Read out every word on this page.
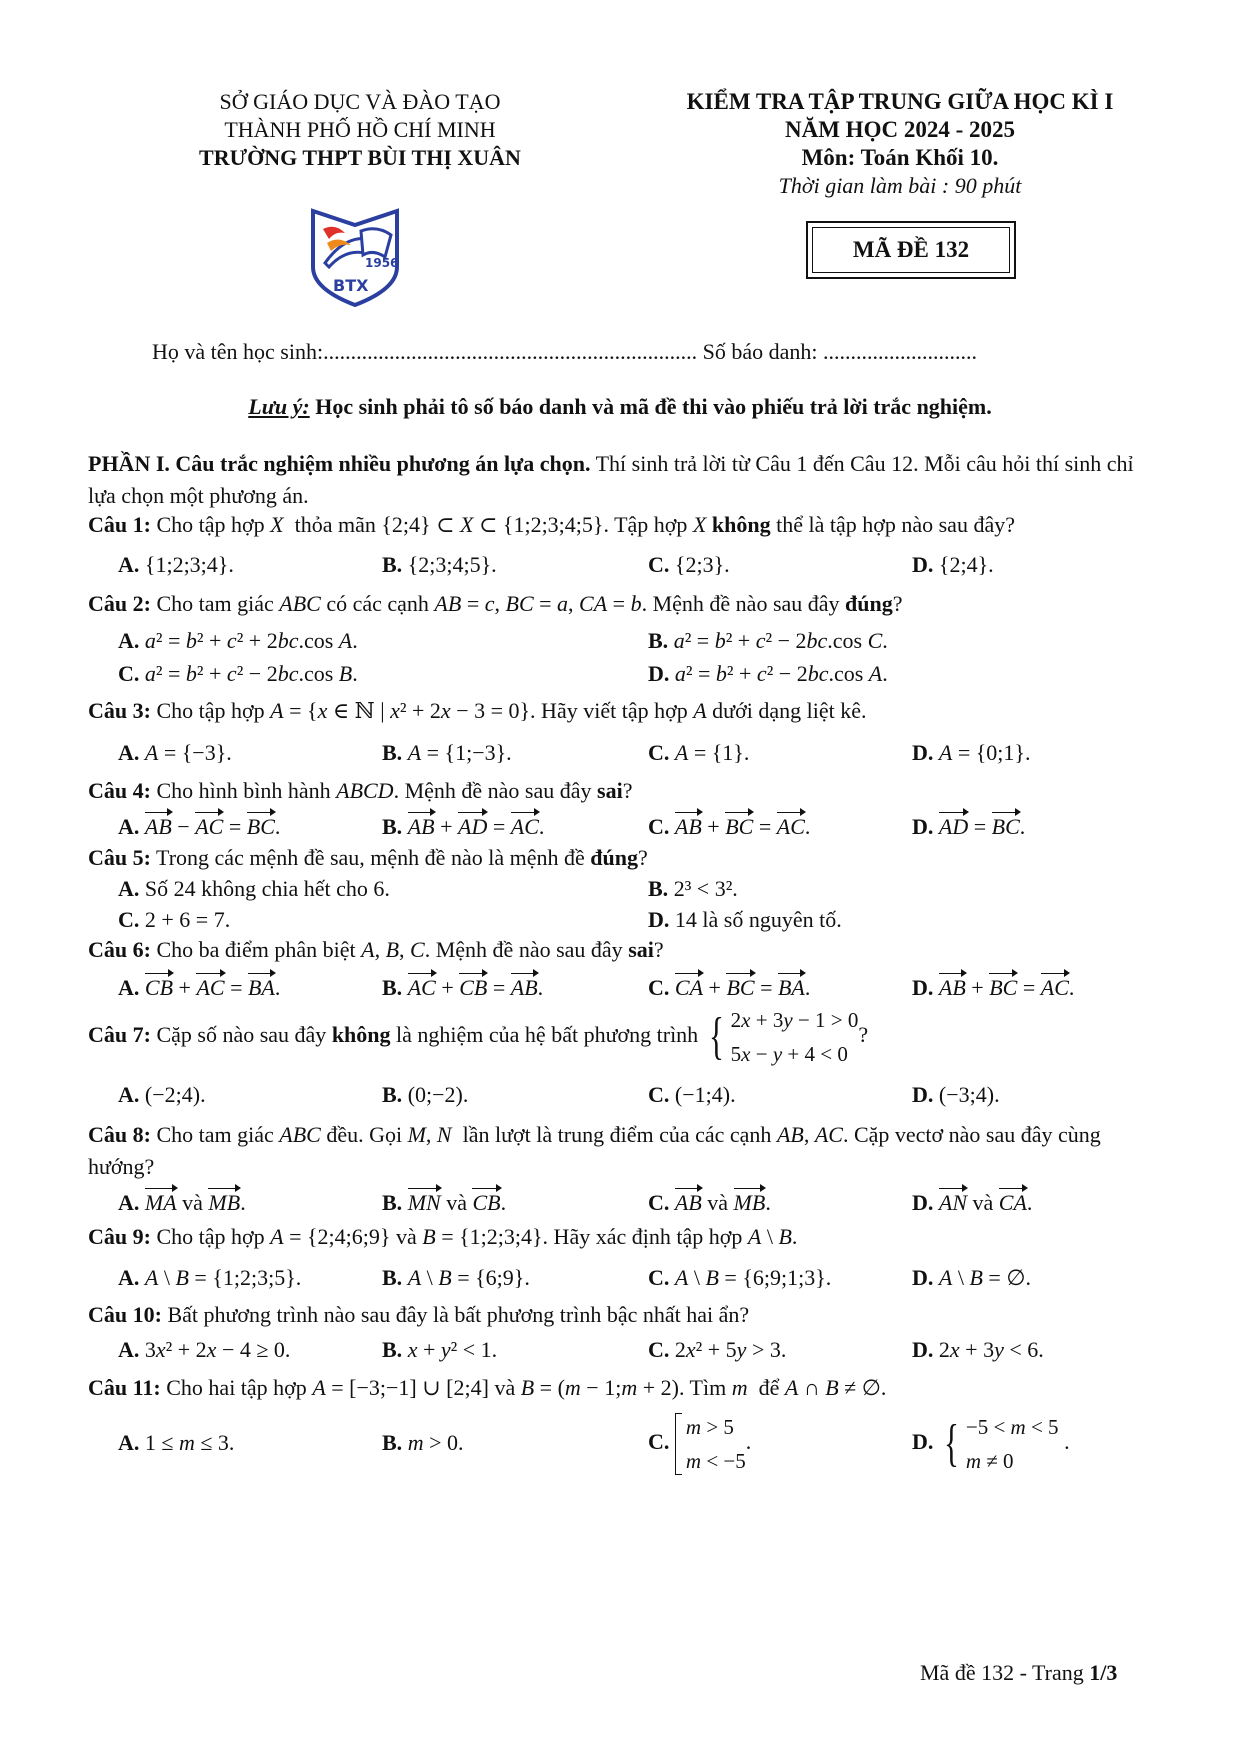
SỞ GIÁO DỤC VÀ ĐÀO TẠO
THÀNH PHỐ HỒ CHÍ MINH
TRƯỜNG THPT BÙI THỊ XUÂN
1956
BTX
KIỂM TRA TẬP TRUNG GIỮA HỌC KÌ I
NĂM HỌC 2024 - 2025
Môn: Toán Khối 10.
Thời gian làm bài : 90 phút
MÃ ĐỀ 132
Họ và tên học sinh:.................................................................... Số báo danh: ............................
Lưu ý: Học sinh phải tô số báo danh và mã đề thi vào phiếu trả lời trắc nghiệm.
PHẦN I. Câu trắc nghiệm nhiều phương án lựa chọn. Thí sinh trả lời từ Câu 1 đến Câu 12. Mỗi câu hỏi thí sinh chỉ lựa chọn một phương án.
Câu 1: Cho tập hợp X  thỏa mãn {2;4} ⊂ X ⊂ {1;2;3;4;5}. Tập hợp X không thể là tập hợp nào sau đây?
A. {1;2;3;4}.	B. {2;3;4;5}.	C. {2;3}.	D. {2;4}.
Câu 2: Cho tam giác ABC có các cạnh AB = c, BC = a, CA = b. Mệnh đề nào sau đây đúng?
A. a² = b² + c² + 2bc.cos A.	B. a² = b² + c² − 2bc.cos C.
C. a² = b² + c² − 2bc.cos B.	D. a² = b² + c² − 2bc.cos A.
Câu 3: Cho tập hợp A = {x ∈ ℕ | x² + 2x − 3 = 0}. Hãy viết tập hợp A dưới dạng liệt kê.
A. A = {−3}.	B. A = {1;−3}.	C. A = {1}.	D. A = {0;1}.
Câu 4: Cho hình bình hành ABCD. Mệnh đề nào sau đây sai?
A. AB − AC = BC.	B. AB + AD = AC.	C. AB + BC = AC.	D. AD = BC.
Câu 5: Trong các mệnh đề sau, mệnh đề nào là mệnh đề đúng?
A. Số 24 không chia hết cho 6.	B. 2³ < 3².
C. 2 + 6 = 7.	D. 14 là số nguyên tố.
Câu 6: Cho ba điểm phân biệt A, B, C. Mệnh đề nào sau đây sai?
A. CB + AC = BA.	B. AC + CB = AB.	C. CA + BC = BA.	D. AB + BC = AC.
Câu 7: Cặp số nào sau đây không là nghiệm của hệ bất phương trình { 2x + 3y − 1 > 0
5x − y + 4 < 0
?
A. (−2;4).	B. (0;−2).	C. (−1;4).	D. (−3;4).
Câu 8: Cho tam giác ABC đều. Gọi M, N  lần lượt là trung điểm của các cạnh AB, AC. Cặp vectơ nào sau đây cùng hướng?
A. MA và MB.	B. MN và CB.	C. AB và MB.	D. AN và CA.
Câu 9: Cho tập hợp A = {2;4;6;9} và B = {1;2;3;4}. Hãy xác định tập hợp A \ B.
A. A \ B = {1;2;3;5}.	B. A \ B = {6;9}.	C. A \ B = {6;9;1;3}.	D. A \ B = ∅.
Câu 10: Bất phương trình nào sau đây là bất phương trình bậc nhất hai ẩn?
A. 3x² + 2x − 4 ≥ 0.	B. x + y² < 1.	C. 2x² + 5y > 3.	D. 2x + 3y < 6.
Câu 11: Cho hai tập hợp A = [−3;−1] ∪ [2;4] và B = (m − 1;m + 2). Tìm m  để A ∩ B ≠ ∅.
A. 1 ≤ m ≤ 3.	B. m > 0.	C. m > 5
m < −5.	D. { −5 < m < 5
m ≠ 0
.
Mã đề 132 - Trang 1/3
